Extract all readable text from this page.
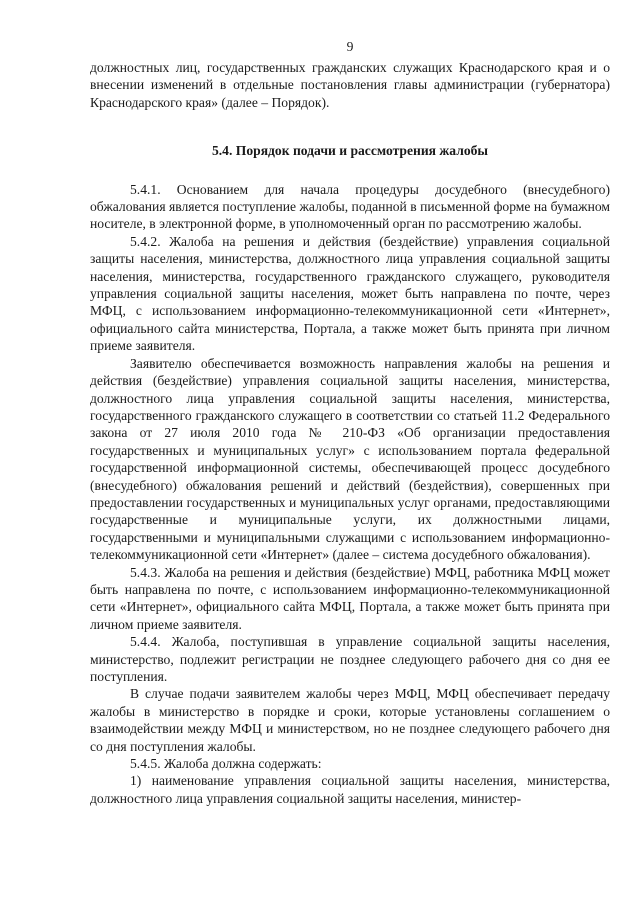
9

должностных лиц, государственных гражданских служащих Краснодарского края и о внесении изменений в отдельные постановления главы администрации (губернатора) Краснодарского края» (далее – Порядок).

5.4. Порядок подачи и рассмотрения жалобы

5.4.1. Основанием для начала процедуры досудебного (внесудебного) обжалования является поступление жалобы, поданной в письменной форме на бумажном носителе, в электронной форме, в уполномоченный орган по рассмотрению жалобы.

5.4.2. Жалоба на решения и действия (бездействие) управления социальной защиты населения, министерства, должностного лица управления социальной защиты населения, министерства, государственного гражданского служащего, руководителя управления социальной защиты населения, может быть направлена по почте, через МФЦ, с использованием информационно-телекоммуникационной сети «Интернет», официального сайта министерства, Портала, а также может быть принята при личном приеме заявителя.

Заявителю обеспечивается возможность направления жалобы на решения и действия (бездействие) управления социальной защиты населения, министерства, должностного лица управления социальной защиты населения, министерства, государственного гражданского служащего в соответствии со статьей 11.2 Федерального закона от 27 июля 2010 года № 210-ФЗ «Об организации предоставления государственных и муниципальных услуг» с использованием портала федеральной государственной информационной системы, обеспечивающей процесс досудебного (внесудебного) обжалования решений и действий (бездействия), совершенных при предоставлении государственных и муниципальных услуг органами, предоставляющими государственные и муниципальные услуги, их должностными лицами, государственными и муниципальными служащими с использованием информационно-телекоммуникационной сети «Интернет» (далее – система досудебного обжалования).

5.4.3. Жалоба на решения и действия (бездействие) МФЦ, работника МФЦ может быть направлена по почте, с использованием информационно-телекоммуникационной сети «Интернет», официального сайта МФЦ, Портала, а также может быть принята при личном приеме заявителя.

5.4.4. Жалоба, поступившая в управление социальной защиты населения, министерство, подлежит регистрации не позднее следующего рабочего дня со дня ее поступления.

В случае подачи заявителем жалобы через МФЦ, МФЦ обеспечивает передачу жалобы в министерство в порядке и сроки, которые установлены соглашением о взаимодействии между МФЦ и министерством, но не позднее следующего рабочего дня со дня поступления жалобы.

5.4.5. Жалоба должна содержать:

1) наименование управления социальной защиты населения, министерства, должностного лица управления социальной защиты населения, министер-
